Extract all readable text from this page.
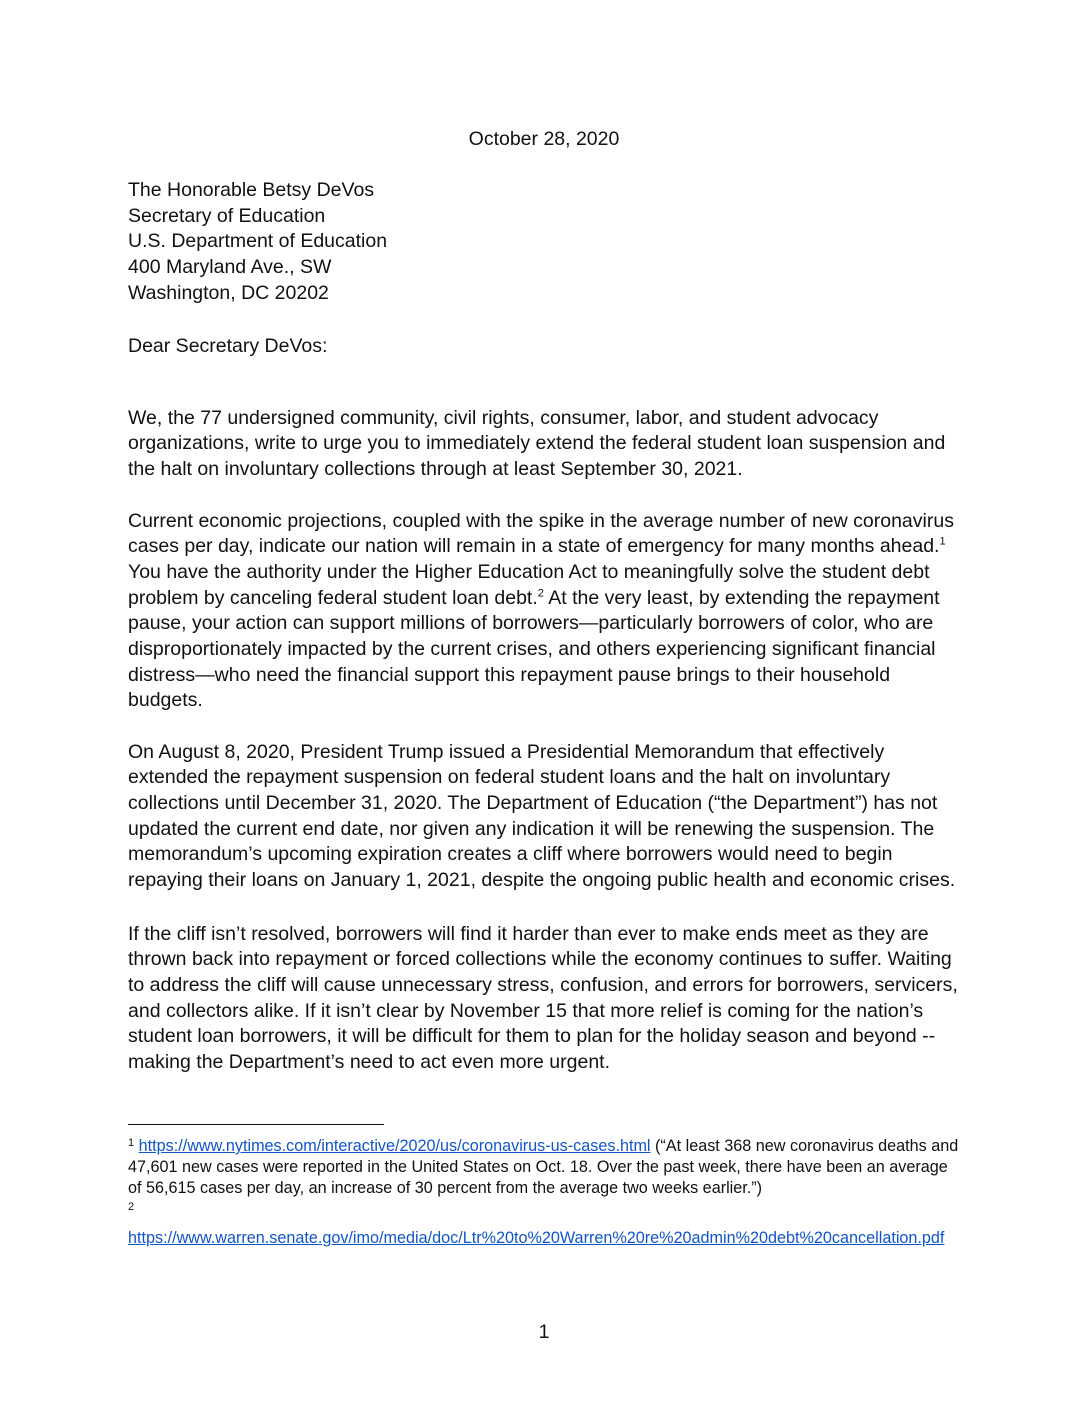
October 28, 2020
The Honorable Betsy DeVos
Secretary of Education
U.S. Department of Education
400 Maryland Ave., SW
Washington, DC 20202
Dear Secretary DeVos:

We, the 77 undersigned community, civil rights, consumer, labor, and student advocacy organizations, write to urge you to immediately extend the federal student loan suspension and the halt on involuntary collections through at least September 30, 2021.

Current economic projections, coupled with the spike in the average number of new coronavirus cases per day, indicate our nation will remain in a state of emergency for many months ahead.$^1$ You have the authority under the Higher Education Act to meaningfully solve the student debt problem by canceling federal student loan debt.$^2$ At the very least, by extending the repayment pause, your action can support millions of borrowers—particularly borrowers of color, who are disproportionately impacted by the current crises, and others experiencing significant financial distress—who need the financial support this repayment pause brings to their household budgets.

On August 8, 2020, President Trump issued a Presidential Memorandum that effectively extended the repayment suspension on federal student loans and the halt on involuntary collections until December 31, 2020. The Department of Education (“the Department”) has not updated the current end date, nor given any indication it will be renewing the suspension. The memorandum’s upcoming expiration creates a cliff where borrowers would need to begin repaying their loans on January 1, 2021, despite the ongoing public health and economic crises.

If the cliff isn’t resolved, borrowers will find it harder than ever to make ends meet as they are thrown back into repayment or forced collections while the economy continues to suffer. Waiting to address the cliff will cause unnecessary stress, confusion, and errors for borrowers, servicers, and collectors alike. If it isn’t clear by November 15 that more relief is coming for the nation’s student loan borrowers, it will be difficult for them to plan for the holiday season and beyond -- making the Department’s need to act even more urgent.

$^1$ https://www.nytimes.com/interactive/2020/us/coronavirus-us-cases.html (“At least 368 new coronavirus deaths and 47,601 new cases were reported in the United States on Oct. 18. Over the past week, there have been an average of 56,615 cases per day, an increase of 30 percent from the average two weeks earlier.”)
2
https://www.warren.senate.gov/imo/media/doc/Ltr%20to%20Warren%20re%20admin%20debt%20cancellation.pdf
1
